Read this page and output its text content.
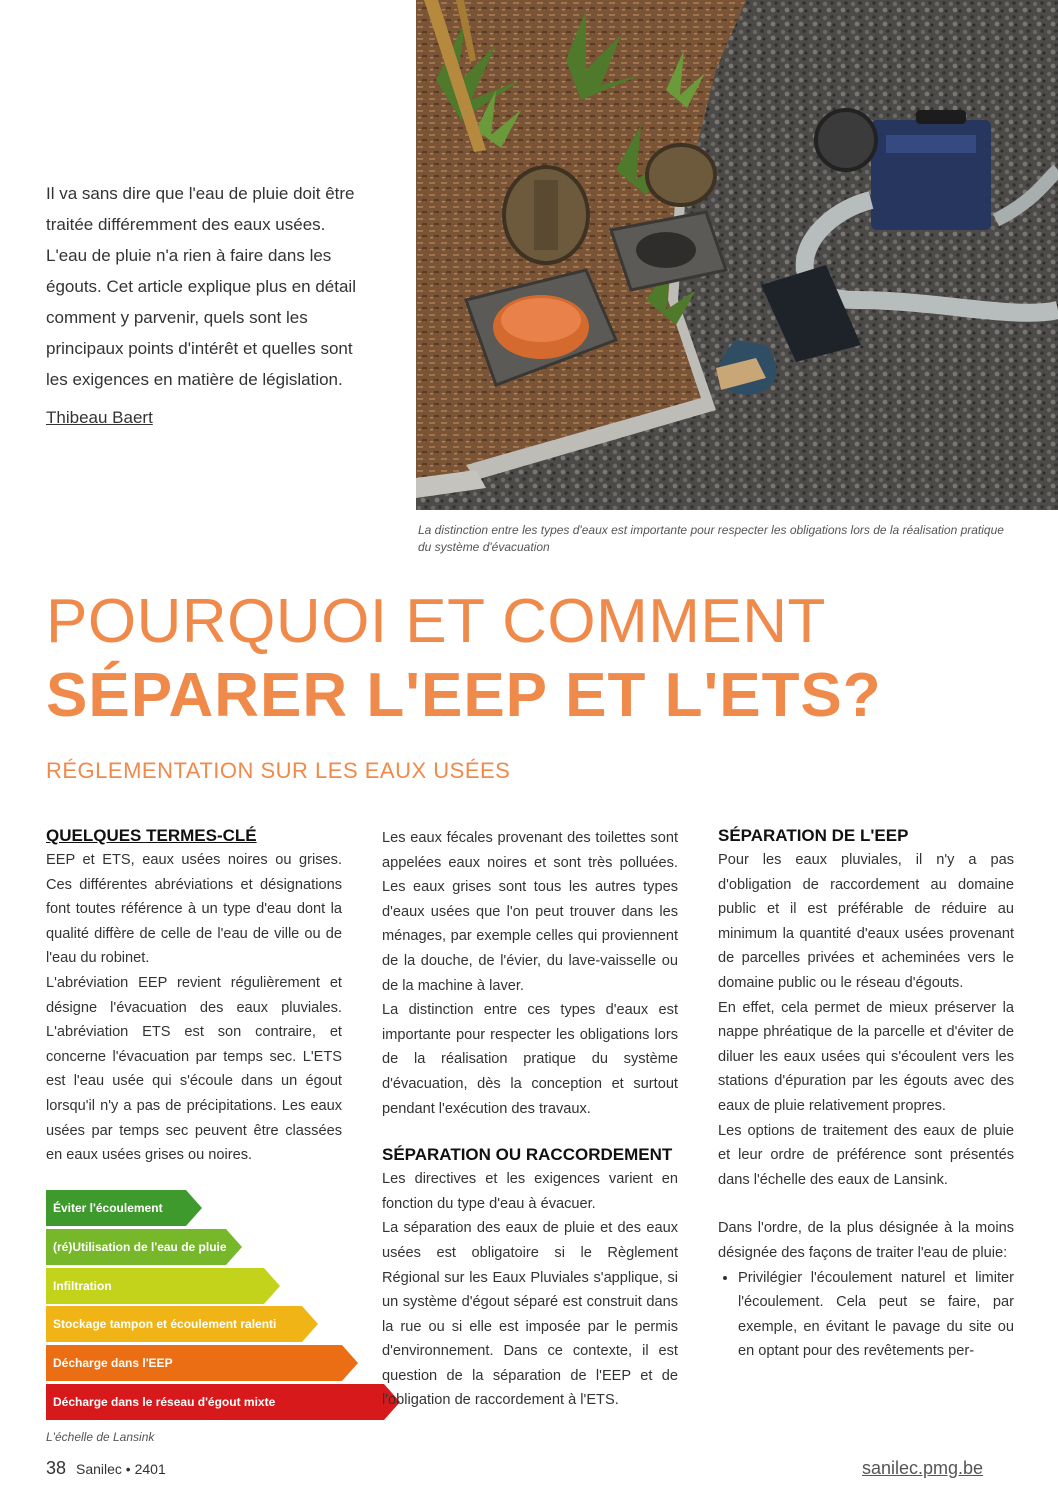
Il va sans dire que l'eau de pluie doit être traitée différemment des eaux usées. L'eau de pluie n'a rien à faire dans les égouts. Cet article explique plus en détail comment y parvenir, quels sont les principaux points d'intérêt et quelles sont les exigences en matière de législation.

Thibeau Baert
La distinction entre les types d'eaux est importante pour respecter les obligations lors de la réalisation pratique du système d'évacuation
POURQUOI ET COMMENT
SÉPARER L'EEP ET L'ETS?
RÉGLEMENTATION SUR LES EAUX USÉES
QUELQUES TERMES-CLÉ

EEP et ETS, eaux usées noires ou grises. Ces différentes abréviations et désignations font toutes référence à un type d'eau dont la qualité diffère de celle de l'eau de ville ou de l'eau du robinet.

L'abréviation EEP revient régulièrement et désigne l'évacuation des eaux pluviales. L'abréviation ETS est son contraire, et concerne l'évacuation par temps sec. L'ETS est l'eau usée qui s'écoule dans un égout lorsqu'il n'y a pas de précipitations. Les eaux usées par temps sec peuvent être classées en eaux usées grises ou noires.

Éviter l'écoulement
(ré)Utilisation de l'eau de pluie
Infiltration
Stockage tampon et écoulement ralenti
Décharge dans l'EEP
Décharge dans le réseau d'égout mixte
L'échelle de Lansink

Les eaux fécales provenant des toilettes sont appelées eaux noires et sont très polluées. Les eaux grises sont tous les autres types d'eaux usées que l'on peut trouver dans les ménages, par exemple celles qui proviennent de la douche, de l'évier, du lave-vaisselle ou de la machine à laver.

La distinction entre ces types d'eaux est importante pour respecter les obligations lors de la réalisation pratique du système d'évacuation, dès la conception et surtout pendant l'exécution des travaux.

SÉPARATION OU RACCORDEMENT

Les directives et les exigences varient en fonction du type d'eau à évacuer.

La séparation des eaux de pluie et des eaux usées est obligatoire si le Règlement Régional sur les Eaux Pluviales s'applique, si un système d'égout séparé est construit dans la rue ou si elle est imposée par le permis d'environnement. Dans ce contexte, il est question de la séparation de l'EEP et de l'obligation de raccordement à l'ETS.

SÉPARATION DE L'EEP

Pour les eaux pluviales, il n'y a pas d'obligation de raccordement au domaine public et il est préférable de réduire au minimum la quantité d'eaux usées provenant de parcelles privées et acheminées vers le domaine public ou le réseau d'égouts.

En effet, cela permet de mieux préserver la nappe phréatique de la parcelle et d'éviter de diluer les eaux usées qui s'écoulent vers les stations d'épuration par les égouts avec des eaux de pluie relativement propres.

Les options de traitement des eaux de pluie et leur ordre de préférence sont présentés dans l'échelle des eaux de Lansink.

Dans l'ordre, de la plus désignée à la moins désignée des façons de traiter l'eau de pluie:

• Privilégier l'écoulement naturel et limiter l'écoulement. Cela peut se faire, par exemple, en évitant le pavage du site ou en optant pour des revêtements per-
38 Sanilec • 2401	sanilec.pmg.be
